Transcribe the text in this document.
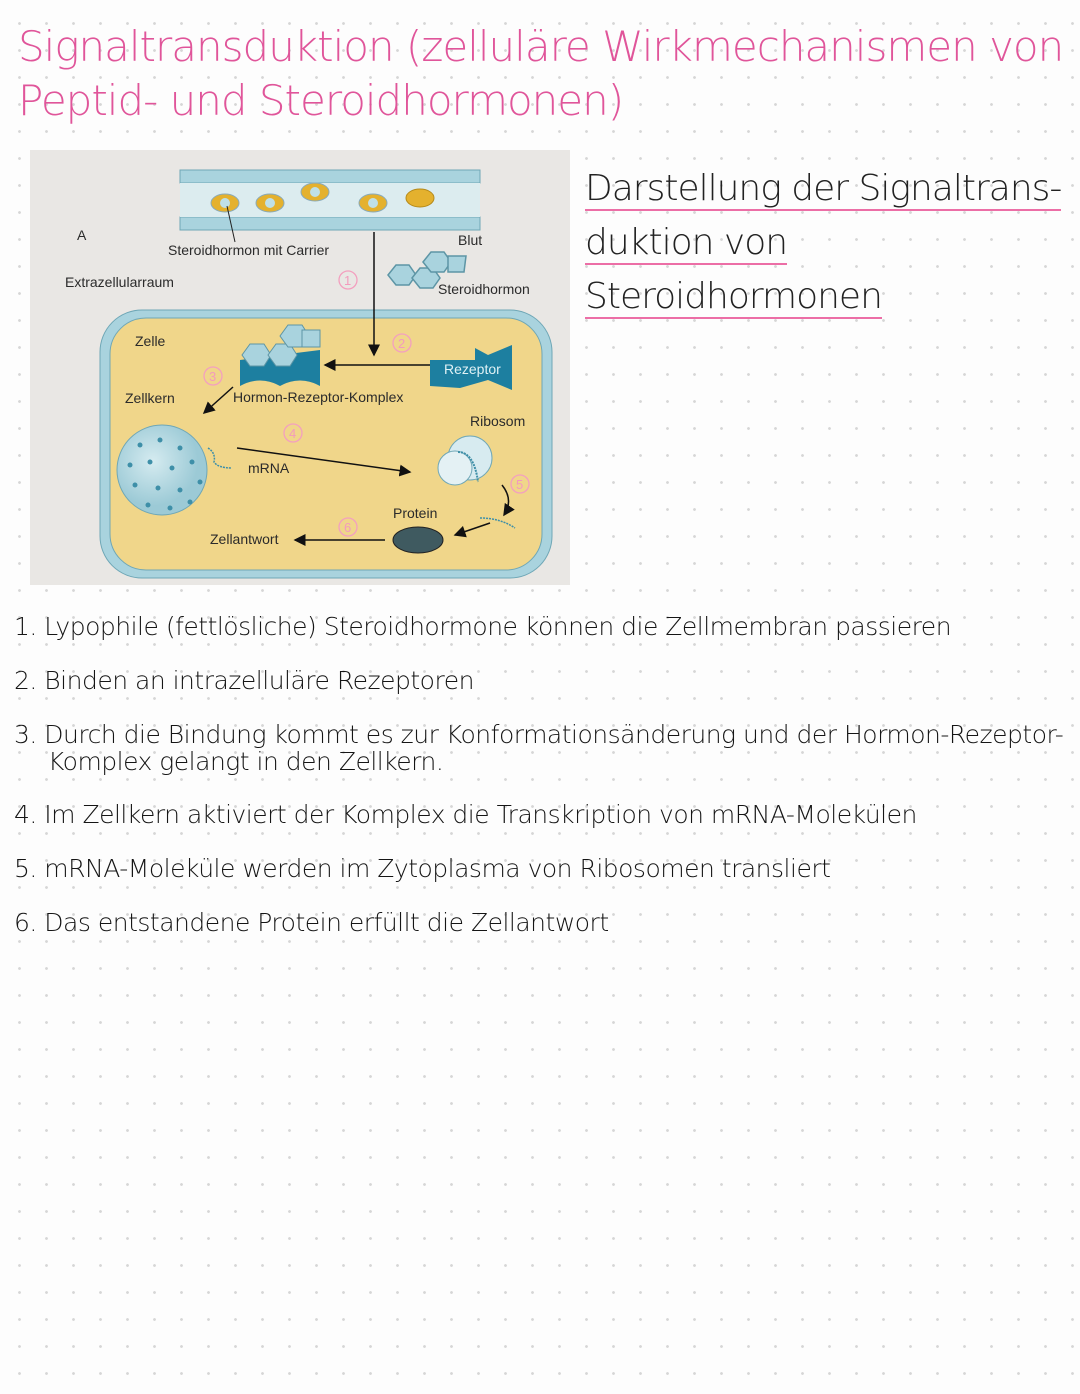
Signaltransduktion (zelluläre Wirkmechanismen von Peptid- und Steroidhormonen)
A
Steroidhormon mit Carrier
Blut
Extrazellularraum	Steroidhormon
Zelle
Rezeptor
Zellkern	Hormon-Rezeptor-Komplex
mRNA
Ribosom
Protein
Zellantwort
1
2
3
4
5
6
Darstellung der Signaltrans- duktion von Steroidhormonen
1. Lypophile (fettlösliche) Steroidhormone können die Zellmembran passieren
2. Binden an intrazelluläre Rezeptoren
3. Durch die Bindung kommt es zur Konformationsänderung und der Hormon-Rezeptor-
Komplex gelangt in den Zellkern.
4. Im Zellkern aktiviert der Komplex die Transkription von mRNA-Molekülen
5. mRNA-Moleküle werden im Zytoplasma von Ribosomen transliert
6. Das entstandene Protein erfüllt die Zellantwort
